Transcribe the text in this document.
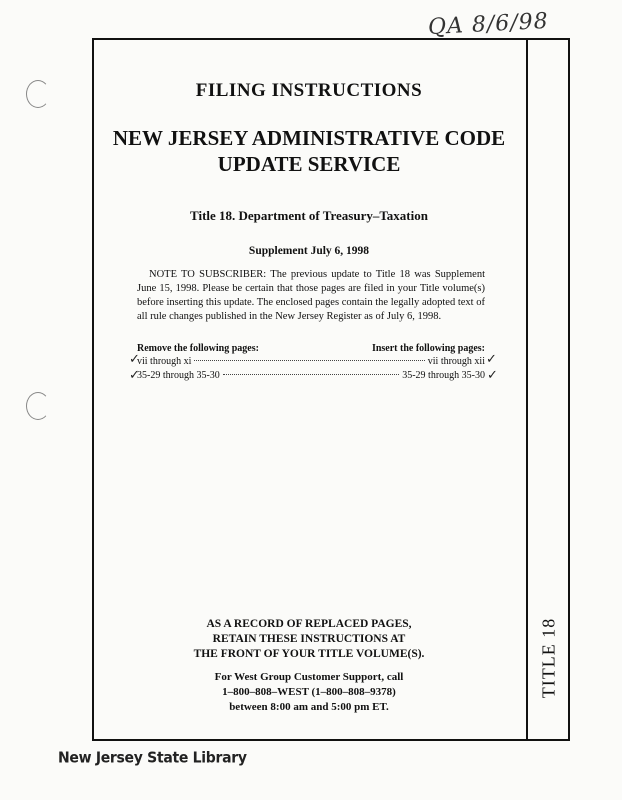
QA 8/6/98
TITLE 18
FILING INSTRUCTIONS
NEW JERSEY ADMINISTRATIVE CODE
UPDATE SERVICE
Title 18. Department of Treasury–Taxation
Supplement July 6, 1998
NOTE TO SUBSCRIBER: The previous update to Title 18 was Supplement June 15, 1998. Please be certain that those pages are filed in your Title volume(s) before inserting this update. The enclosed pages contain the legally adopted text of all rule changes published in the New Jersey Register as of July 6, 1998.
Remove the following pages:	Insert the following pages:
vii through xi	vii through xii
35-29 through 35-30	35-29 through 35-30
✓
✓
✓
✓
AS A RECORD OF REPLACED PAGES,
RETAIN THESE INSTRUCTIONS AT
THE FRONT OF YOUR TITLE VOLUME(S).
For West Group Customer Support, call
1–800–808–WEST (1–800–808–9378)
between 8:00 am and 5:00 pm ET.
New Jersey State Library
